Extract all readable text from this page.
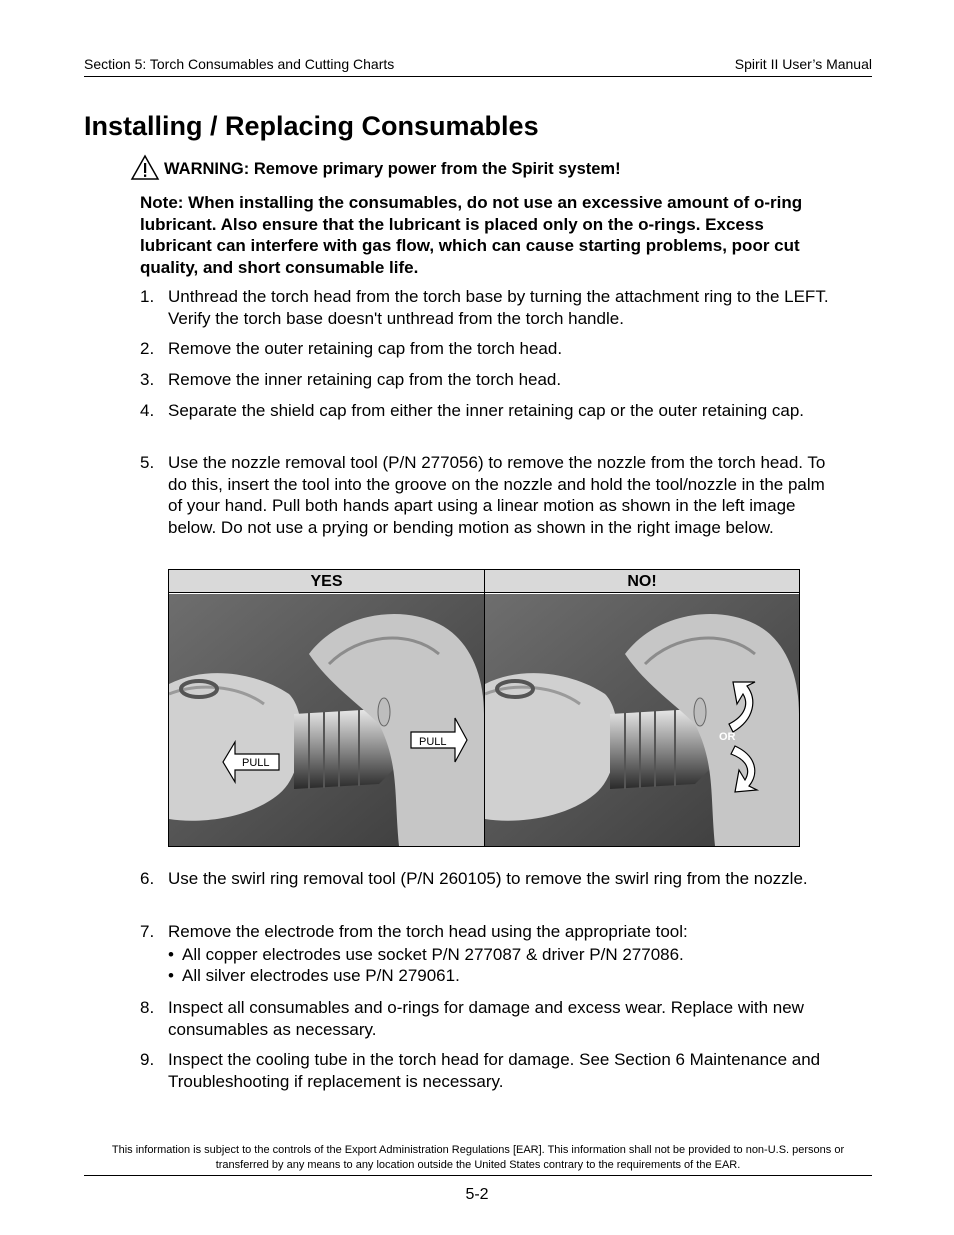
Section 5: Torch Consumables and Cutting Charts	Spirit II User’s Manual
Installing / Replacing Consumables
WARNING: Remove primary power from the Spirit system!
Note: When installing the consumables, do not use an excessive amount of o-ring lubricant. Also ensure that the lubricant is placed only on the o-rings. Excess lubricant can interfere with gas flow, which can cause starting problems, poor cut quality, and short consumable life.
1. Unthread the torch head from the torch base by turning the attachment ring to the LEFT. Verify the torch base doesn't unthread from the torch handle.
2. Remove the outer retaining cap from the torch head.
3. Remove the inner retaining cap from the torch head.
4. Separate the shield cap from either the inner retaining cap or the outer retaining cap.
5. Use the nozzle removal tool (P/N 277056) to remove the nozzle from the torch head. To do this, insert the tool into the groove on the nozzle and hold the tool/nozzle in the palm of your hand. Pull both hands apart using a linear motion as shown in the left image below. Do not use a prying or bending motion as shown in the right image below.
YES	NO!
PULL
PULL
OR
6. Use the swirl ring removal tool (P/N 260105) to remove the swirl ring from the nozzle.
7. Remove the electrode from the torch head using the appropriate tool:
• All copper electrodes use socket P/N 277087 & driver P/N 277086.
• All silver electrodes use P/N 279061.
8. Inspect all consumables and o-rings for damage and excess wear. Replace with new consumables as necessary.
9. Inspect the cooling tube in the torch head for damage. See Section 6 Maintenance and Troubleshooting if replacement is necessary.
This information is subject to the controls of the Export Administration Regulations [EAR]. This information shall not be provided to non-U.S. persons or transferred by any means to any location outside the United States contrary to the requirements of the EAR.
5-2
